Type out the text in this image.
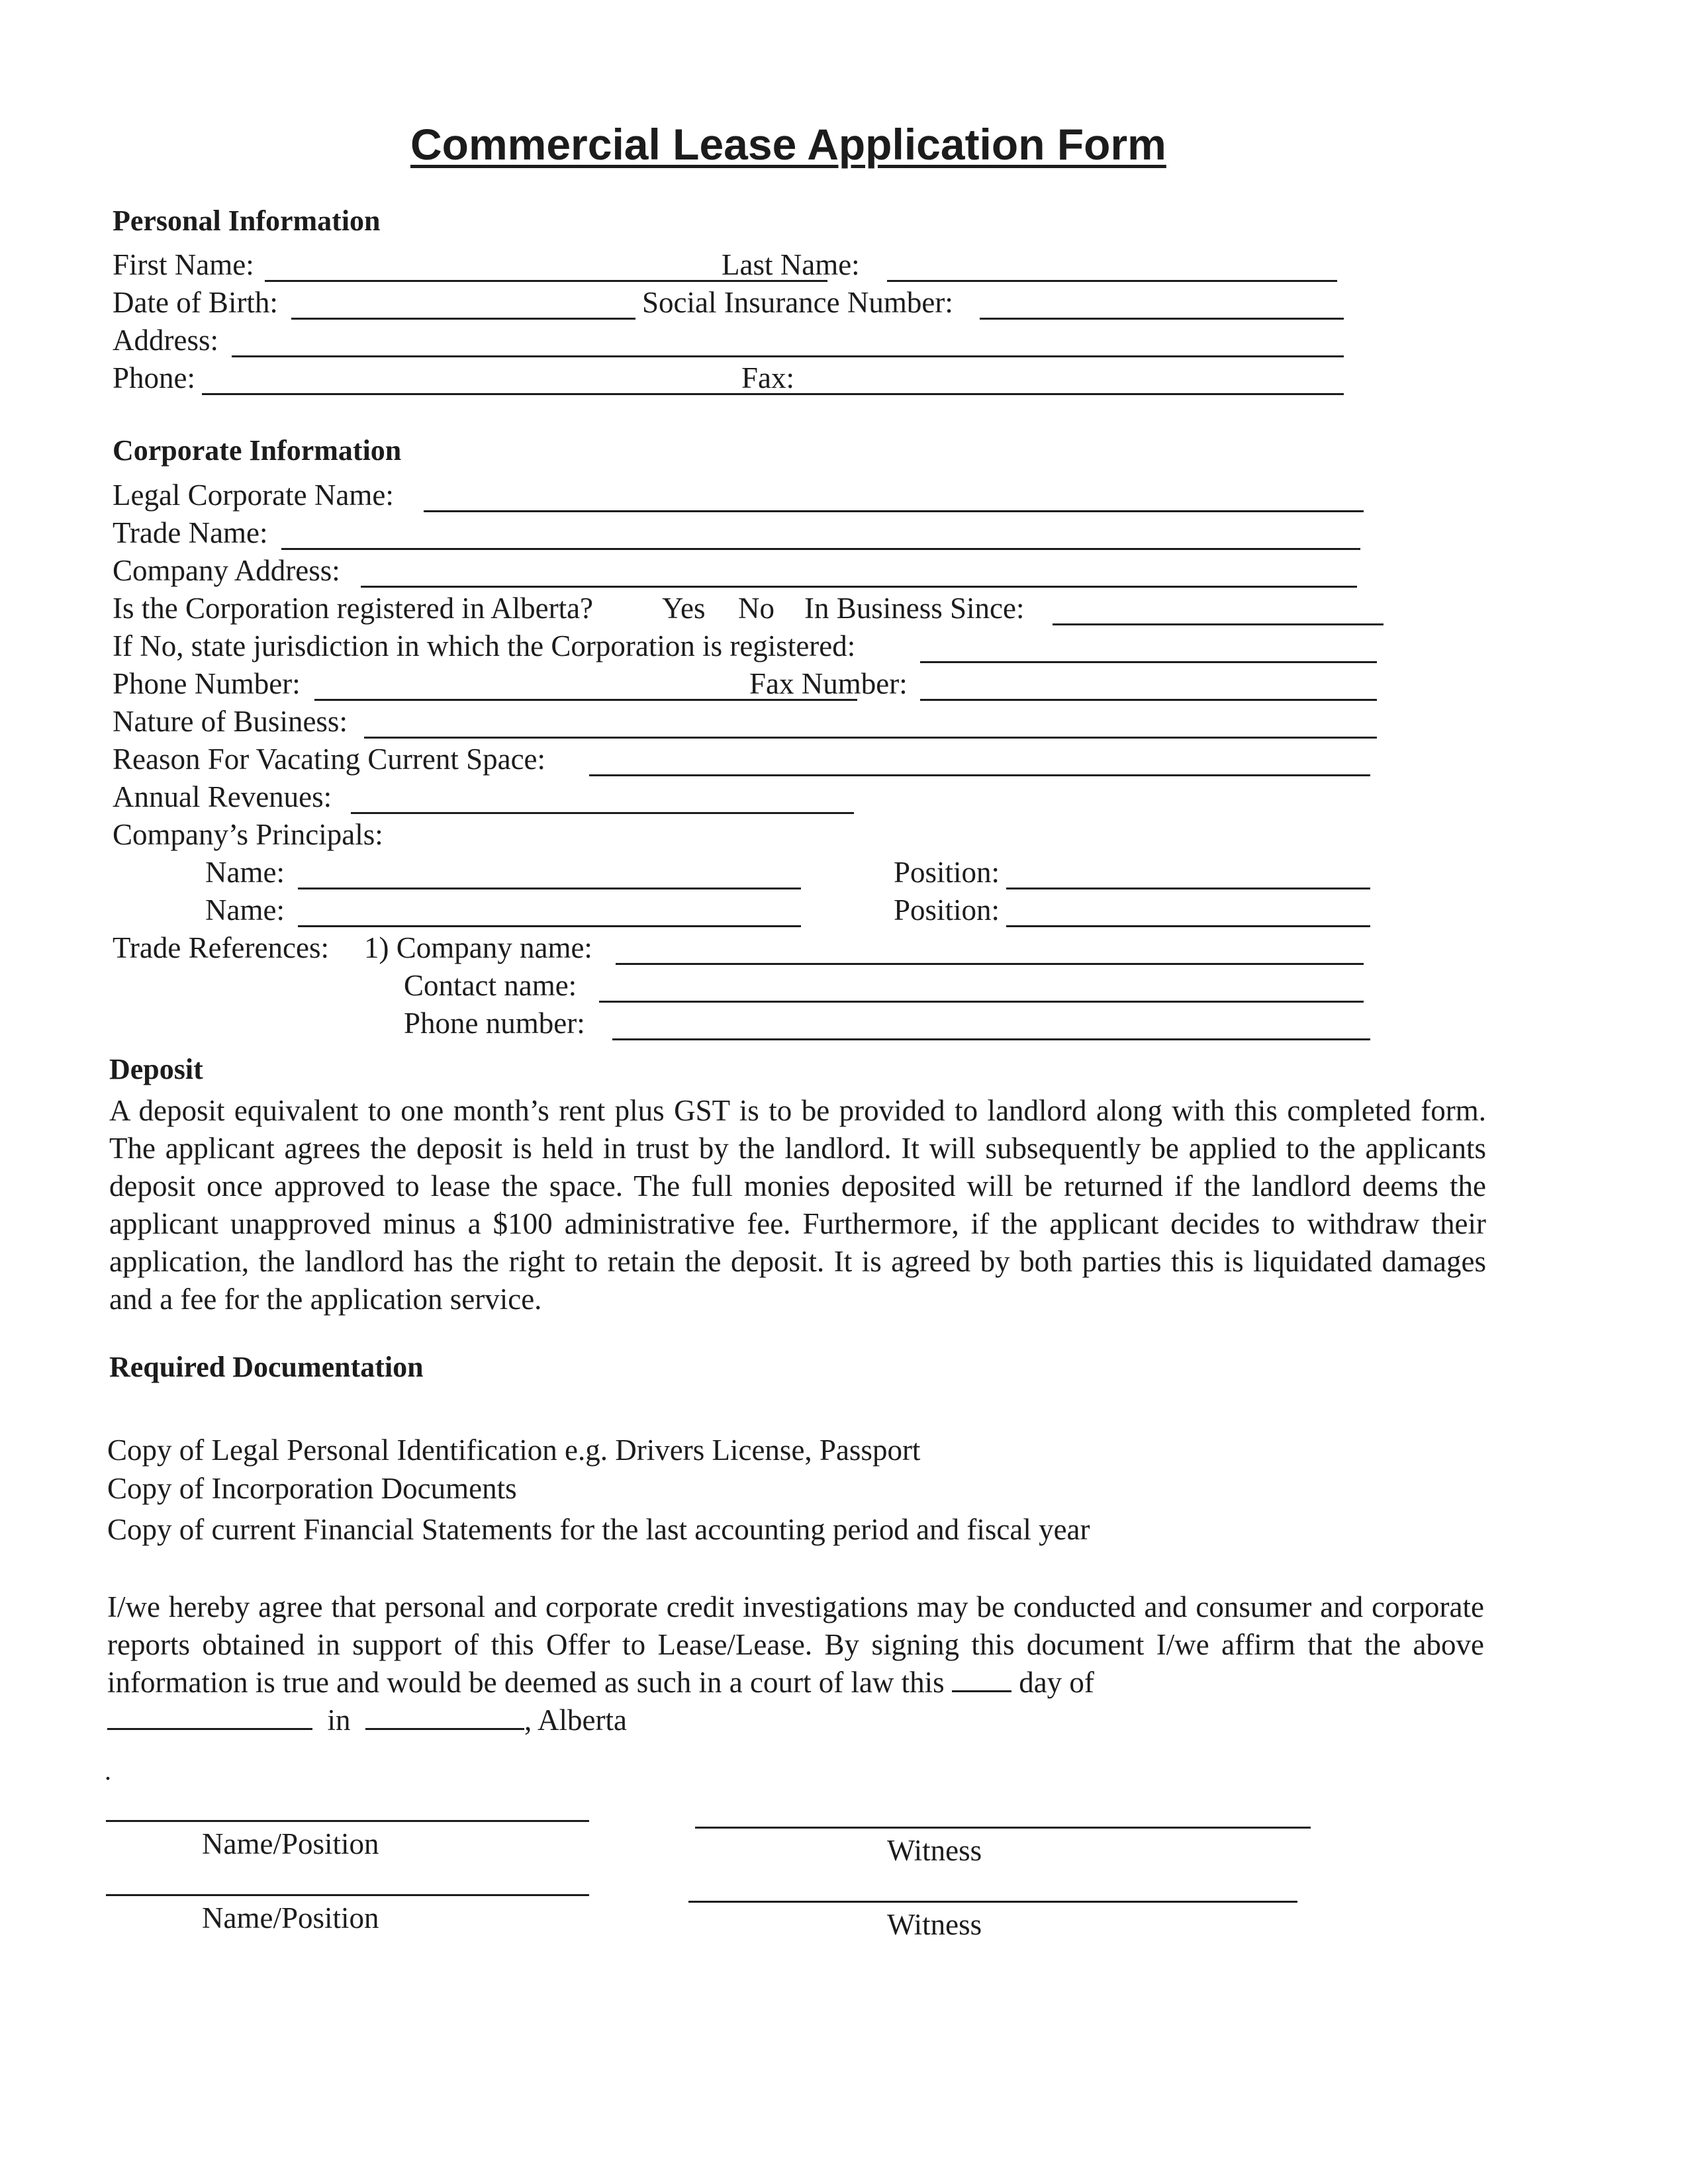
Commercial Lease Application Form
Personal Information
First Name:	Last Name:
Date of Birth:	Social Insurance Number:
Address:
Phone:	Fax:
Corporate Information
Legal Corporate Name:
Trade Name:
Company Address:
Is the Corporation registered in Alberta? Yes No In Business Since:
If No, state jurisdiction in which the Corporation is registered:
Phone Number:	Fax Number:
Nature of Business:
Reason For Vacating Current Space:
Annual Revenues:
Company’s Principals:
Name:	Position:
Name:	Position:
Trade References: 1) Company name:
Contact name:
Phone number:
Deposit
A deposit equivalent to one month’s rent plus GST is to be provided to landlord along with this completed form. The applicant agrees the deposit is held in trust by the landlord. It will subsequently be applied to the applicants deposit once approved to lease the space. The full monies deposited will be returned if the landlord deems the applicant unapproved minus a $100 administrative fee. Furthermore, if the applicant decides to withdraw their application, the landlord has the right to retain the deposit. It is agreed by both parties this is liquidated damages and a fee for the application service.
Required Documentation
Copy of Legal Personal Identification e.g. Drivers License, Passport
Copy of Incorporation Documents
Copy of current Financial Statements for the last accounting period and fiscal year
I/we hereby agree that personal and corporate credit investigations may be conducted and consumer and corporate reports obtained in support of this Offer to Lease/Lease. By signing this document I/we affirm that the above information is true and would be deemed as such in a court of law this	day of
in	, Alberta
.
Name/Position	Witness
Name/Position	Witness
